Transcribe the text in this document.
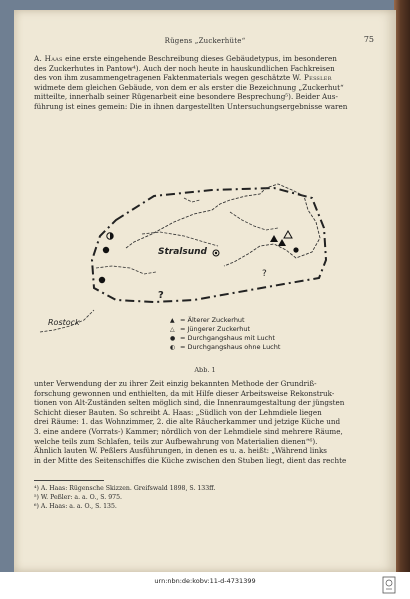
Rügens „Zuckerhüte“	75

A. Haas eine erste eingehende Beschreibung dieses Gebäudetypus, im besonderen

des Zuckerhutes in Pantow⁴). Auch der noch heute in hauskundlichen Fachkreisen

des von ihm zusammengetragenen Faktenmaterials wegen geschätzte W. Peßler

widmete dem gleichen Gebäude, von dem er als erster die Bezeichnung „Zuckerhut“

mitteilte, innerhalb seiner Rügenarbeit eine besondere Besprechung⁵). Beider Aus-

führung ist eines gemein: Die in ihnen dargestellten Untersuchungsergebnisse waren

Stralsund
Rostock
?
?
▲ = Älterer Zuckerhut
△ = Jüngerer Zuckerhut
● = Durchgangshaus mit Lucht
◐ = Durchgangshaus ohne Lucht
Abb. 1

unter Verwendung der zu ihrer Zeit einzig bekannten Methode der Grundriß-

forschung gewonnen und enthielten, da mit Hilfe dieser Arbeitsweise Rekonstruk-

tionen von Alt-Zuständen selten möglich sind, die Innenraumgestaltung der jüngsten

Schicht dieser Bauten. So schreibt A. Haas: „Südlich von der Lehmdiele liegen

drei Räume: 1. das Wohnzimmer, 2. die alte Räucherkammer und jetzige Küche und

3. eine andere (Vorrats-) Kammer; nördlich von der Lehmdiele sind mehrere Räume,

welche teils zum Schlafen, teils zur Aufbewahrung von Materialien dienen“⁶).

Ähnlich lauten W. Peßlers Ausführungen, in denen es u. a. heißt: „Während links

in der Mitte des Seitenschiffes die Küche zwischen den Stuben liegt, dient das rechte

⁴) A. Haas: Rügensche Skizzen. Greifswald 1898, S. 133ff.
⁵) W. Peßler: a. a. O., S. 975.
⁶) A. Haas: a. a. O., S. 135.
urn:nbn:de:kobv:11-d-4731399
